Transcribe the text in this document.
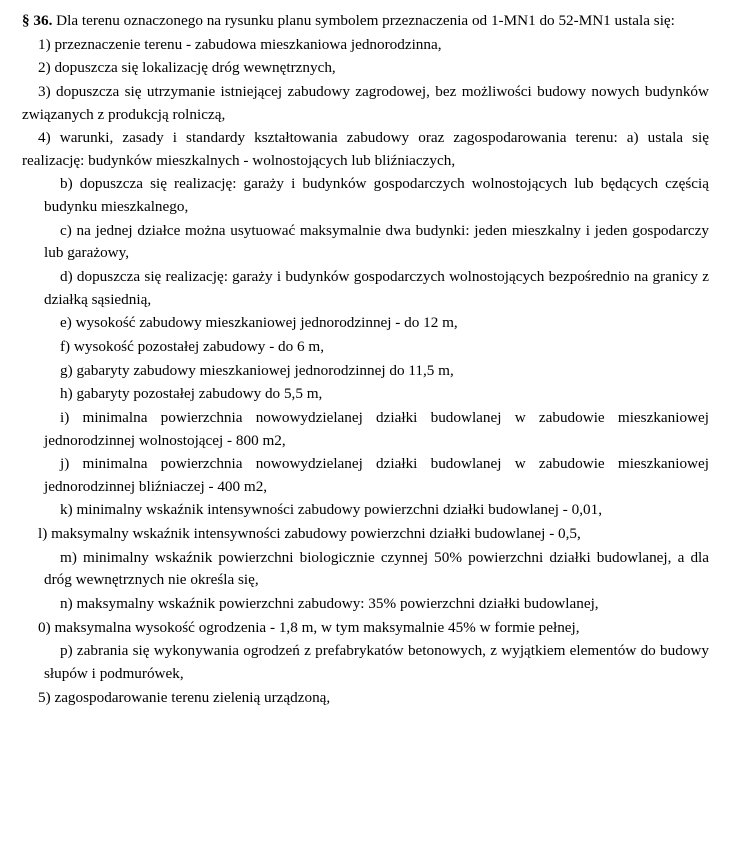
§ 36. Dla terenu oznaczonego na rysunku planu symbolem przeznaczenia od 1-MN1 do 52-MN1 ustala się:

1) przeznaczenie terenu - zabudowa mieszkaniowa jednorodzinna,

2) dopuszcza się lokalizację dróg wewnętrznych,

3) dopuszcza się utrzymanie istniejącej zabudowy zagrodowej, bez możliwości budowy nowych budynków związanych z produkcją rolniczą,

4) warunki, zasady i standardy kształtowania zabudowy oraz zagospodarowania terenu: a) ustala się realizację: budynków mieszkalnych - wolnostojących lub bliźniaczych,

b) dopuszcza się realizację: garaży i budynków gospodarczych wolnostojących lub będących częścią budynku mieszkalnego,

c) na jednej działce można usytuować maksymalnie dwa budynki: jeden mieszkalny i jeden gospodarczy lub garażowy,

d) dopuszcza się realizację: garaży i budynków gospodarczych wolnostojących bezpośrednio na granicy z działką sąsiednią,

e) wysokość zabudowy mieszkaniowej jednorodzinnej - do 12 m,

f) wysokość pozostałej zabudowy - do 6 m,

g) gabaryty zabudowy mieszkaniowej jednorodzinnej do 11,5 m,

h) gabaryty pozostałej zabudowy do 5,5 m,

i) minimalna powierzchnia nowowydzielanej działki budowlanej w zabudowie mieszkaniowej jednorodzinnej wolnostojącej - 800 m2,

j) minimalna powierzchnia nowowydzielanej działki budowlanej w zabudowie mieszkaniowej jednorodzinnej bliźniaczej - 400 m2,

k) minimalny wskaźnik intensywności zabudowy powierzchni działki budowlanej - 0,01,

l) maksymalny wskaźnik intensywności zabudowy powierzchni działki budowlanej - 0,5,

m) minimalny wskaźnik powierzchni biologicznie czynnej 50% powierzchni działki budowlanej, a dla dróg wewnętrznych nie określa się,

n) maksymalny wskaźnik powierzchni zabudowy: 35% powierzchni działki budowlanej,

0) maksymalna wysokość ogrodzenia - 1,8 m, w tym maksymalnie 45% w formie pełnej,

p) zabrania się wykonywania ogrodzeń z prefabrykatów betonowych, z wyjątkiem elementów do budowy słupów i podmurówek,

5) zagospodarowanie terenu zielenią urządzoną,
